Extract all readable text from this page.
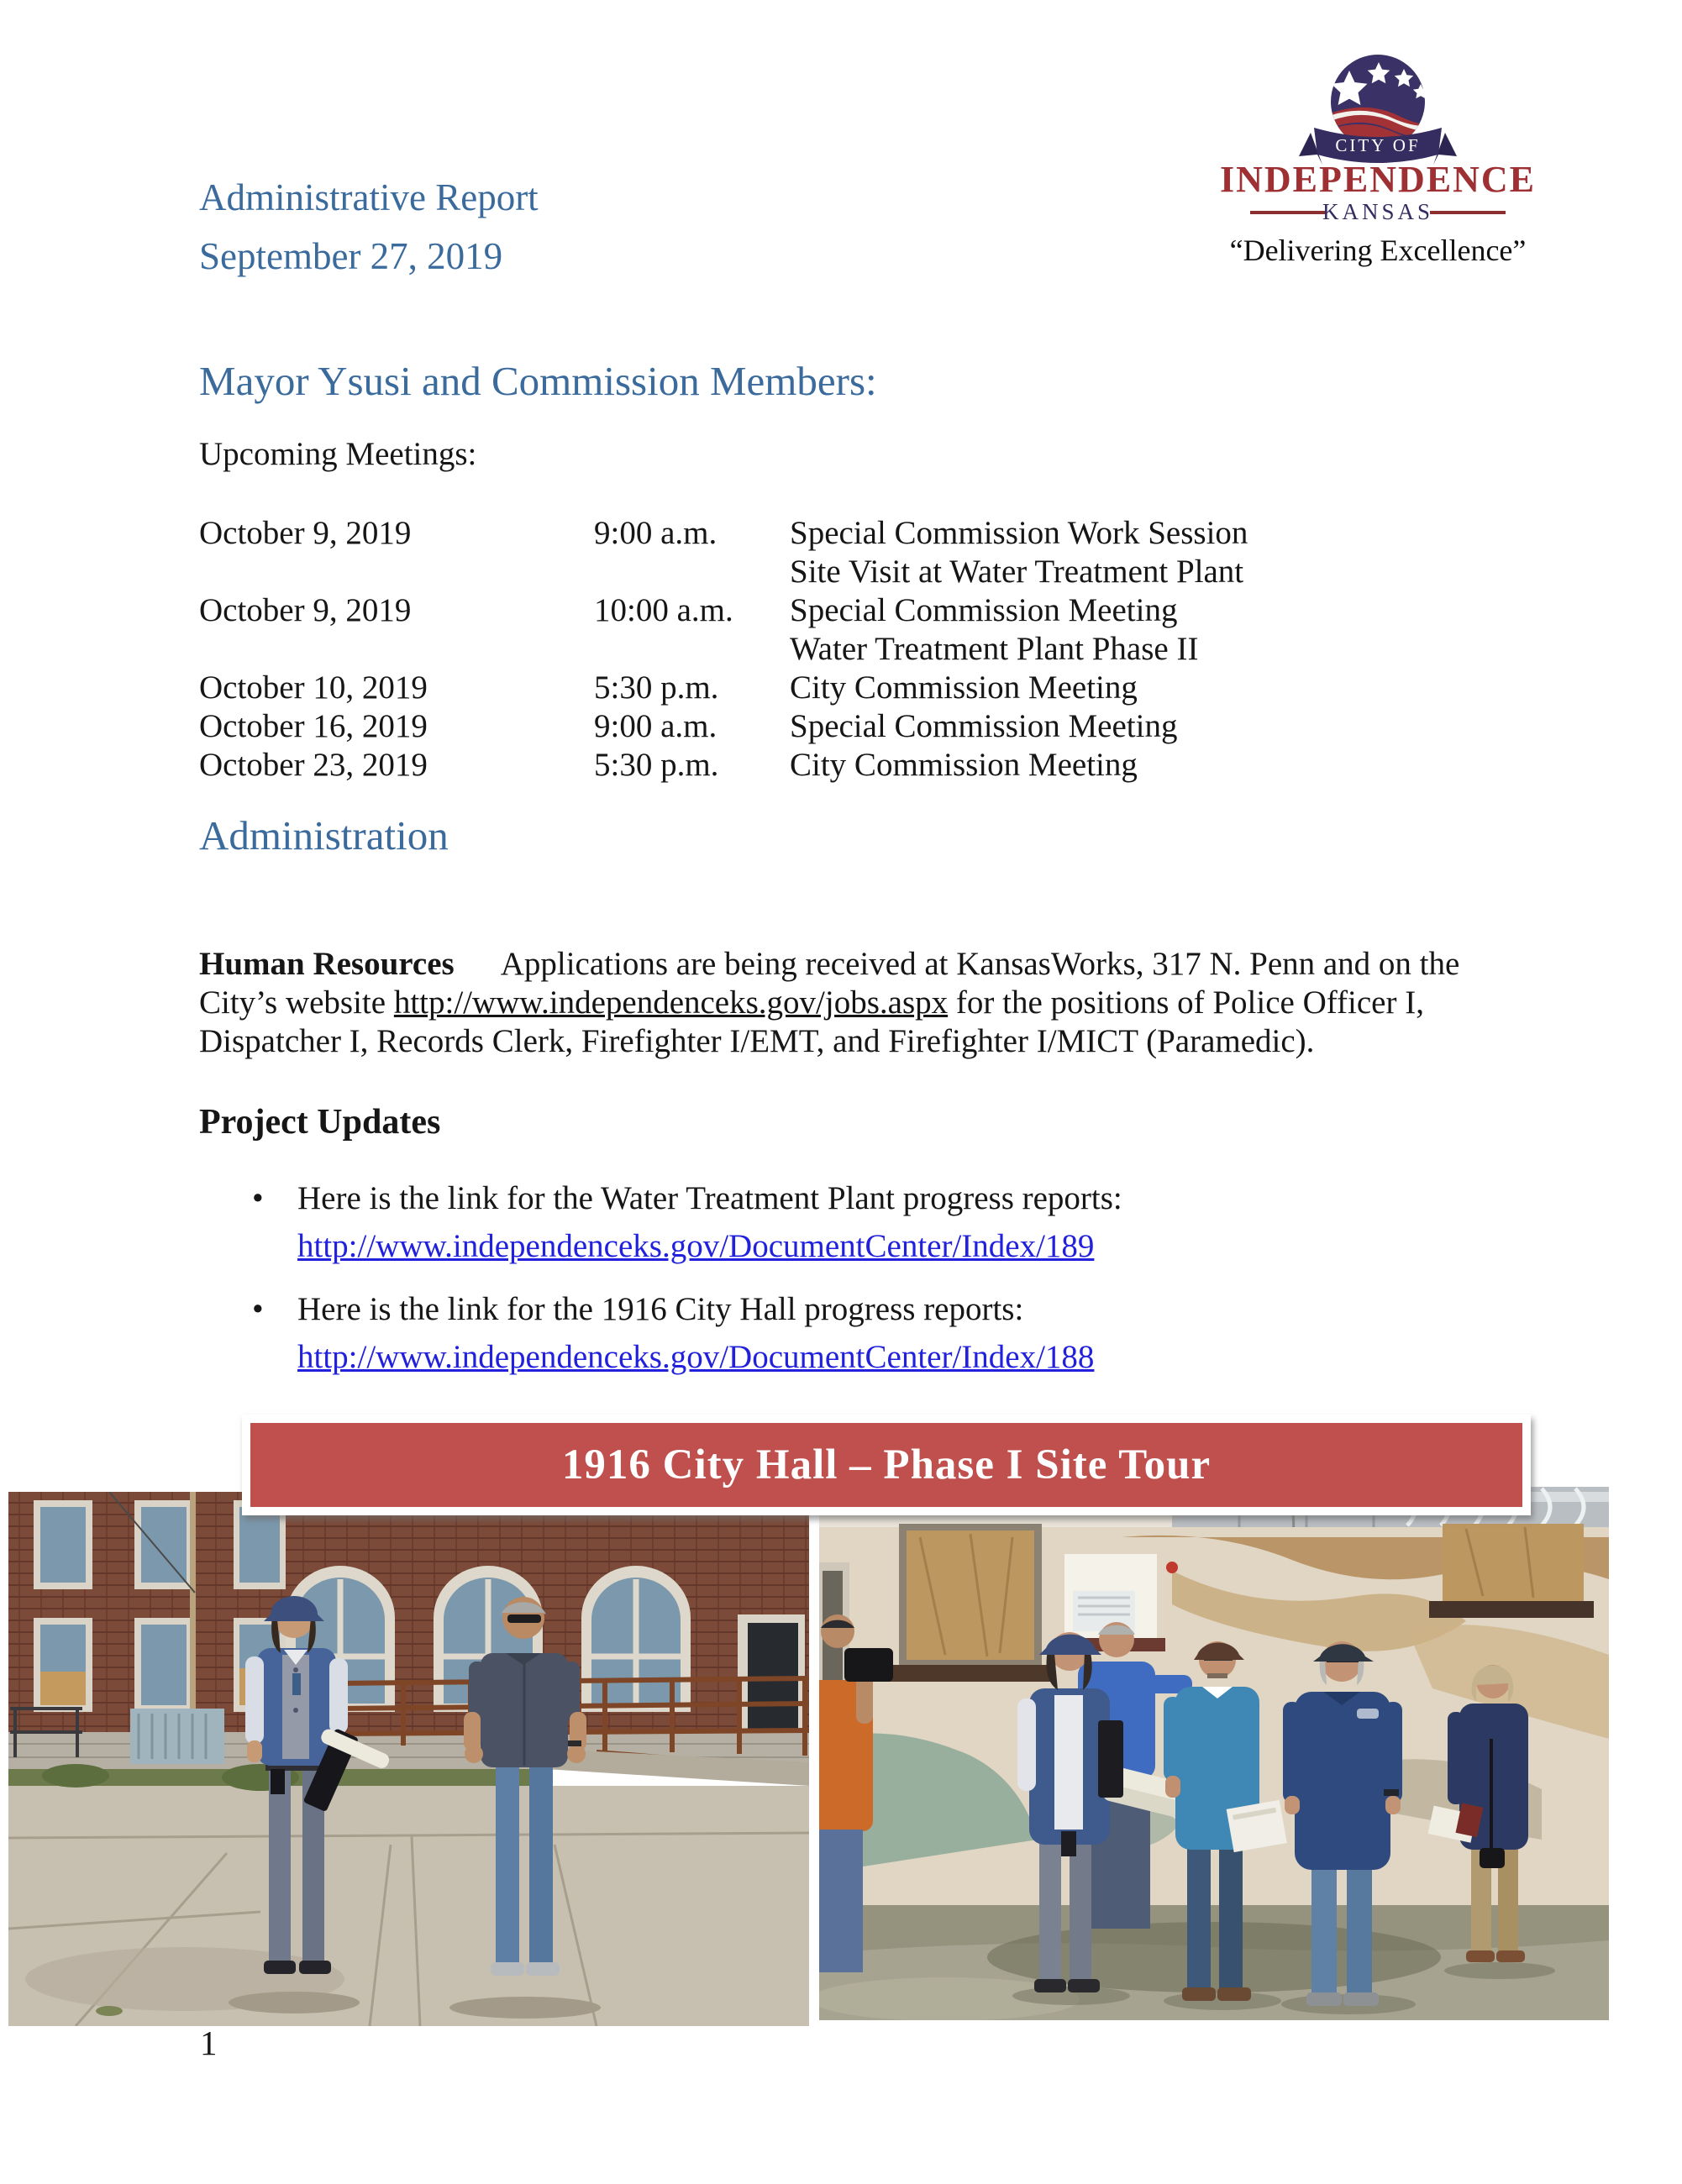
Administrative Report
September 27, 2019
CITY OF
INDEPENDENCE
KANSAS
“Delivering Excellence”
Mayor Ysusi and Commission Members:
Upcoming Meetings:
October 9, 2019	9:00 a.m.	Special Commission Work Session
Site Visit at Water Treatment Plant
October 9, 2019	10:00 a.m.	Special Commission Meeting
Water Treatment Plant Phase II
October 10, 2019	5:30 p.m.	City Commission Meeting
October 16, 2019	9:00 a.m.	Special Commission Meeting
October 23, 2019	5:30 p.m.	City Commission Meeting
Administration

Human Resources Applications are being received at KansasWorks, 317 N. Penn and on the City’s website http://www.independenceks.gov/jobs.aspx for the positions of Police Officer I, Dispatcher I, Records Clerk, Firefighter I/EMT, and Firefighter I/MICT (Paramedic).

Project Updates
• Here is the link for the Water Treatment Plant progress reports:
http://www.independenceks.gov/DocumentCenter/Index/189
• Here is the link for the 1916 City Hall progress reports:
http://www.independenceks.gov/DocumentCenter/Index/188
1916 City Hall – Phase I Site Tour
1
